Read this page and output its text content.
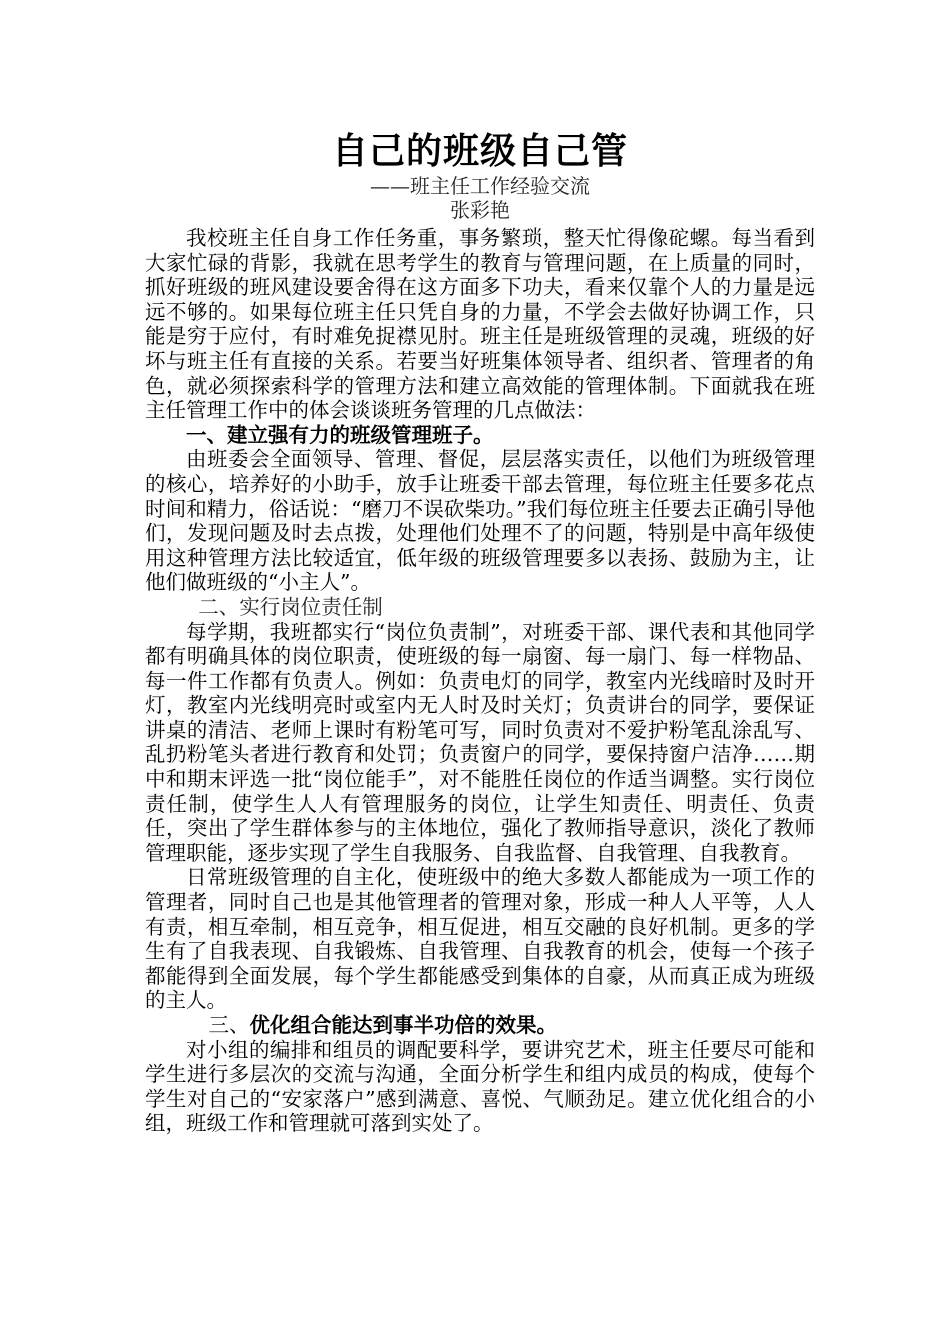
自己的班级自己管
——班主任工作经验交流
张彩艳

我校班主任自身工作任务重，事务繁琐，整天忙得像砣螺。每当看到大家忙碌的背影，我就在思考学生的教育与管理问题，在上质量的同时，抓好班级的班风建设要舍得在这方面多下功夫，看来仅靠个人的力量是远远不够的。如果每位班主任只凭自身的力量，不学会去做好协调工作，只能是穷于应付，有时难免捉襟见肘。班主任是班级管理的灵魂，班级的好坏与班主任有直接的关系。若要当好班集体领导者、组织者、管理者的角色，就必须探索科学的管理方法和建立高效能的管理体制。下面就我在班主任管理工作中的体会谈谈班务管理的几点做法：

一、建立强有力的班级管理班子。

由班委会全面领导、管理、督促，层层落实责任，以他们为班级管理的核心，培养好的小助手，放手让班委干部去管理，每位班主任要多花点时间和精力，俗话说：“磨刀不误砍柴功。”我们每位班主任要去正确引导他们，发现问题及时去点拨，处理他们处理不了的问题，特别是中高年级使用这种管理方法比较适宜，低年级的班级管理要多以表扬、鼓励为主，让他们做班级的“小主人”。

二、实行岗位责任制

每学期，我班都实行“岗位负责制”，对班委干部、课代表和其他同学都有明确具体的岗位职责，使班级的每一扇窗、每一扇门、每一样物品、每一件工作都有负责人。例如：负责电灯的同学，教室内光线暗时及时开灯，教室内光线明亮时或室内无人时及时关灯；负责讲台的同学，要保证讲桌的清洁、老师上课时有粉笔可写，同时负责对不爱护粉笔乱涂乱写、乱扔粉笔头者进行教育和处罚；负责窗户的同学，要保持窗户洁净……期中和期末评选一批“岗位能手”，对不能胜任岗位的作适当调整。实行岗位责任制，使学生人人有管理服务的岗位，让学生知责任、明责任、负责任，突出了学生群体参与的主体地位，强化了教师指导意识，淡化了教师管理职能，逐步实现了学生自我服务、自我监督、自我管理、自我教育。

日常班级管理的自主化，使班级中的绝大多数人都能成为一项工作的管理者，同时自己也是其他管理者的管理对象，形成一种人人平等，人人有责，相互牵制，相互竞争，相互促进，相互交融的良好机制。更多的学生有了自我表现、自我锻炼、自我管理、自我教育的机会，使每一个孩子都能得到全面发展，每个学生都能感受到集体的自豪，从而真正成为班级的主人。

三、优化组合能达到事半功倍的效果。

对小组的编排和组员的调配要科学，要讲究艺术，班主任要尽可能和学生进行多层次的交流与沟通，全面分析学生和组内成员的构成，使每个学生对自己的“安家落户”感到满意、喜悦、气顺劲足。建立优化组合的小组，班级工作和管理就可落到实处了。
